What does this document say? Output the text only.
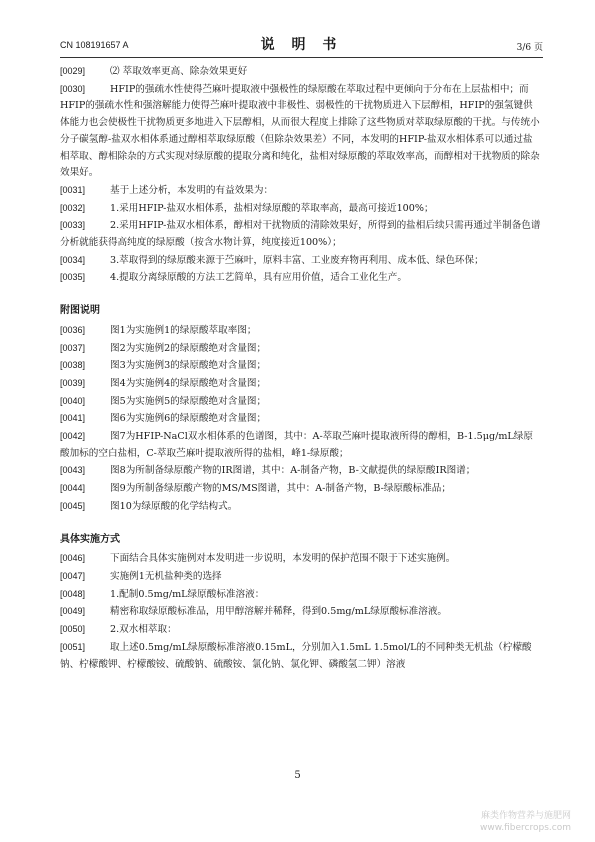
CN 108191657 A	说 明 书	3/6 页
[0029]	⑵ 萃取效率更高、除杂效果更好
[0030]	HFIP的强疏水性使得苎麻叶提取液中强极性的绿原酸在萃取过程中更倾向于分布在上层盐相中；而HFIP的强疏水性和强溶解能力使得苎麻叶提取液中非极性、弱极性的干扰物质进入下层醇相，HFIP的强氢键供体能力也会使极性干扰物质更多地进入下层醇相，从而很大程度上排除了这些物质对萃取绿原酸的干扰。与传统小分子碳氢醇-盐双水相体系通过醇相萃取绿原酸（但除杂效果差）不同，本发明的HFIP-盐双水相体系可以通过盐相萃取、醇相除杂的方式实现对绿原酸的提取分离和纯化，盐相对绿原酸的萃取效率高，而醇相对干扰物质的除杂效果好。
[0031]	基于上述分析，本发明的有益效果为：
[0032]	1.采用HFIP-盐双水相体系，盐相对绿原酸的萃取率高，最高可接近100%；
[0033]	2.采用HFIP-盐双水相体系，醇相对干扰物质的清除效果好，所得到的盐相后续只需再通过半制备色谱分析就能获得高纯度的绿原酸（按含水物计算，纯度接近100%）；
[0034]	3.萃取得到的绿原酸来源于苎麻叶，原料丰富、工业废弃物再利用、成本低、绿色环保；
[0035]	4.提取分离绿原酸的方法工艺简单，具有应用价值，适合工业化生产。
附图说明
[0036]	图1为实施例1的绿原酸萃取率图；
[0037]	图2为实施例2的绿原酸绝对含量图；
[0038]	图3为实施例3的绿原酸绝对含量图；
[0039]	图4为实施例4的绿原酸绝对含量图；
[0040]	图5为实施例5的绿原酸绝对含量图；
[0041]	图6为实施例6的绿原酸绝对含量图；
[0042]	图7为HFIP-NaCl双水相体系的色谱图，其中：A-萃取苎麻叶提取液所得的醇相，B-1.5μg/mL绿原酸加标的空白盐相，C-萃取苎麻叶提取液所得的盐相，峰1-绿原酸；
[0043]	图8为所制备绿原酸产物的IR图谱，其中：A-制备产物，B-文献提供的绿原酸IR图谱；
[0044]	图9为所制备绿原酸产物的MS/MS图谱，其中：A-制备产物，B-绿原酸标准品；
[0045]	图10为绿原酸的化学结构式。
具体实施方式
[0046]	下面结合具体实施例对本发明进一步说明，本发明的保护范围不限于下述实施例。
[0047]	实施例1无机盐种类的选择
[0048]	1.配制0.5mg/mL绿原酸标准溶液：
[0049]	精密称取绿原酸标准品，用甲醇溶解并稀释，得到0.5mg/mL绿原酸标准溶液。
[0050]	2.双水相萃取：
[0051]	取上述0.5mg/mL绿原酸标准溶液0.15mL，分别加入1.5mL 1.5mol/L的不同种类无机盐（柠檬酸钠、柠檬酸钾、柠檬酸铵、硫酸钠、硫酸铵、氯化钠、氯化钾、磷酸氢二钾）溶液
5
麻类作物营养与施肥网
www.fibercrops.com
